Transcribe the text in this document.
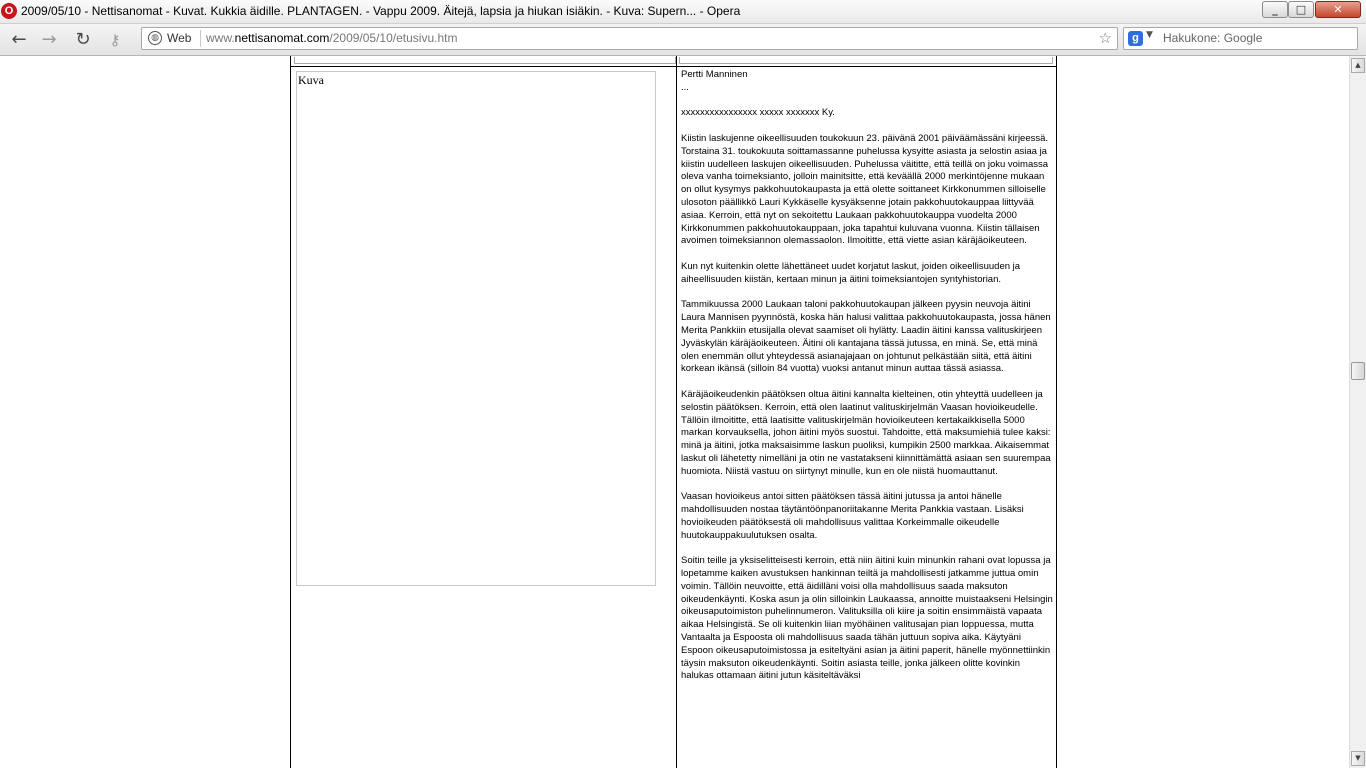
O 2009/05/10 - Nettisanomat - Kuvat. Kukkia äidille. PLANTAGEN. - Vappu 2009. Äitejä, lapsia ja hiukan isiäkin. - Kuva: Supern... - Opera	_	□	✕
← → ↻	⚷	◍ Web www.nettisanomat.com/2009/05/10/etusivu.htm	☆	g ▼ Hakukone: Google
Kuva	Pertti Manninen
...

xxxxxxxxxxxxxxxx xxxxx xxxxxxx Ky.

Kiistin laskujenne oikeellisuuden toukokuun 23. päivänä 2001 päiväämässäni kirjeessä. Torstaina 31. toukokuuta soittamassanne puhelussa kysyitte asiasta ja selostin asiaa ja kiistin uudelleen laskujen oikeellisuuden. Puhelussa väititte, että teillä on joku voimassa oleva vanha toimeksianto, jolloin mainitsitte, että keväällä 2000 merkintöjenne mukaan on ollut kysymys pakkohuutokaupasta ja että olette soittaneet Kirkkonummen silloiselle ulosoton päällikkö Lauri Kykkäselle kysyäksenne jotain pakkohuutokauppaa liittyvää asiaa. Kerroin, että nyt on sekoitettu Laukaan pakkohuutokauppa vuodelta 2000 Kirkkonummen pakkohuutokauppaan, joka tapahtui kuluvana vuonna. Kiistin tällaisen avoimen toimeksiannon olemassaolon. Ilmoititte, että viette asian käräjäoikeuteen.

Kun nyt kuitenkin olette lähettäneet uudet korjatut laskut, joiden oikeellisuuden ja aiheellisuuden kiistän, kertaan minun ja äitini toimeksiantojen syntyhistorian.

Tammikuussa 2000 Laukaan taloni pakkohuutokaupan jälkeen pyysin neuvoja äitini Laura Mannisen pyynnöstä, koska hän halusi valittaa pakkohuutokaupasta, jossa hänen Merita Pankkiin etusijalla olevat saamiset oli hylätty. Laadin äitini kanssa valituskirjeen Jyväskylän käräjäoikeuteen. Äitini oli kantajana tässä jutussa, en minä. Se, että minä olen enemmän ollut yhteydessä asianajajaan on johtunut pelkästään siitä, että äitini korkean ikänsä (silloin 84 vuotta) vuoksi antanut minun auttaa tässä asiassa.

Käräjäoikeudenkin päätöksen oltua äitini kannalta kielteinen, otin yhteyttä uudelleen ja selostin päätöksen. Kerroin, että olen laatinut valituskirjelmän Vaasan hovioikeudelle. Tällöin ilmoititte, että laatisitte valituskirjelmän hovioikeuteen kertakaikkisella 5000 markan korvauksella, johon äitini myös suostui. Tahdoitte, että maksumiehiä tulee kaksi: minä ja äitini, jotka maksaisimme laskun puoliksi, kumpikin 2500 markkaa. Aikaisemmat laskut oli lähetetty nimelläni ja otin ne vastatakseni kiinnittämättä asiaan sen suurempaa huomiota. Niistä vastuu on siirtynyt minulle, kun en ole niistä huomauttanut.

Vaasan hovioikeus antoi sitten päätöksen tässä äitini jutussa ja antoi hänelle mahdollisuuden nostaa täytäntöönpanoriitakanne Merita Pankkia vastaan. Lisäksi hovioikeuden päätöksestä oli mahdollisuus valittaa Korkeimmalle oikeudelle huutokauppakuulutuksen osalta.

Soitin teille ja yksiselitteisesti kerroin, että niin äitini kuin minunkin rahani ovat lopussa ja lopetamme kaiken avustuksen hankinnan teiltä ja mahdollisesti jatkamme juttua omin voimin. Tällöin neuvoitte, että äidilläni voisi olla mahdollisuus saada maksuton oikeudenkäynti. Koska asun ja olin silloinkin Laukaassa, annoitte muistaakseni Helsingin oikeusaputoimiston puhelinnumeron. Valituksilla oli kiire ja soitin ensimmäistä vapaata aikaa Helsingistä. Se oli kuitenkin liian myöhäinen valitusajan pian loppuessa, mutta Vantaalta ja Espoosta oli mahdollisuus saada tähän juttuun sopiva aika. Käytyäni Espoon oikeusaputoimistossa ja esiteltyäni asian ja äitini paperit, hänelle myönnettiinkin täysin maksuton oikeudenkäynti. Soitin asiasta teille, jonka jälkeen olitte kovinkin halukas ottamaan äitini jutun käsiteltäväksi

▲
▼
